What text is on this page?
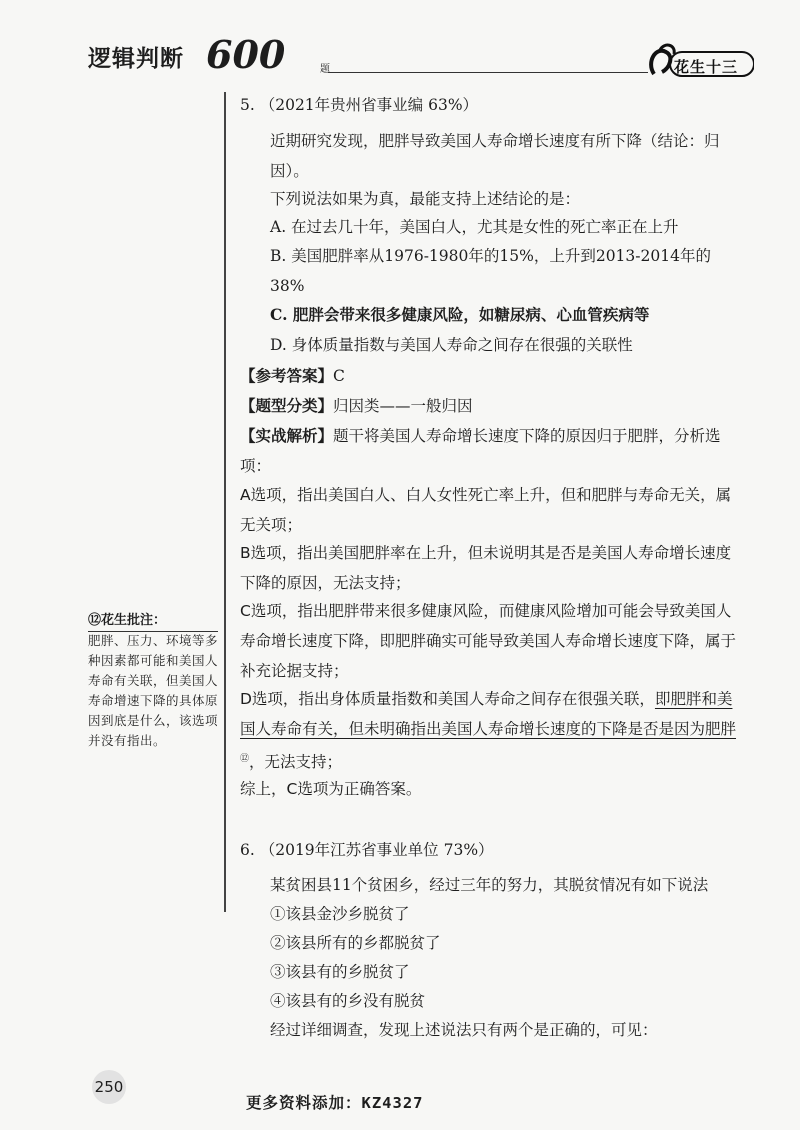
逻辑判断 600	题	花生十三
5. （2021年贵州省事业编 63%）
近期研究发现，肥胖导致美国人寿命增长速度有所下降（结论：归因）。
下列说法如果为真，最能支持上述结论的是：
A. 在过去几十年，美国白人，尤其是女性的死亡率正在上升
B. 美国肥胖率从1976-1980年的15%，上升到2013-2014年的38%
C. 肥胖会带来很多健康风险，如糖尿病、心血管疾病等
D. 身体质量指数与美国人寿命之间存在很强的关联性
【参考答案】C
【题型分类】归因类——一般归因
【实战解析】题干将美国人寿命增长速度下降的原因归于肥胖，分析选项：
A选项，指出美国白人、白人女性死亡率上升，但和肥胖与寿命无关，属无关项；
B选项，指出美国肥胖率在上升，但未说明其是否是美国人寿命增长速度下降的原因，无法支持；
C选项，指出肥胖带来很多健康风险，而健康风险增加可能会导致美国人寿命增长速度下降，即肥胖确实可能导致美国人寿命增长速度下降，属于补充论据支持；
D选项，指出身体质量指数和美国人寿命之间存在很强关联，即肥胖和美国人寿命有关，但未明确指出美国人寿命增长速度的下降是否是因为肥胖⑫，无法支持；
综上，C选项为正确答案。
⑫花生批注：
肥胖、压力、环境等多种因素都可能和美国人寿命有关联，但美国人寿命增速下降的具体原因到底是什么，该选项并没有指出。
6. （2019年江苏省事业单位 73%）
某贫困县11个贫困乡，经过三年的努力，其脱贫情况有如下说法
①该县金沙乡脱贫了
②该县所有的乡都脱贫了
③该县有的乡脱贫了
④该县有的乡没有脱贫
经过详细调查，发现上述说法只有两个是正确的，可见：
250
更多资料添加：KZ4327
